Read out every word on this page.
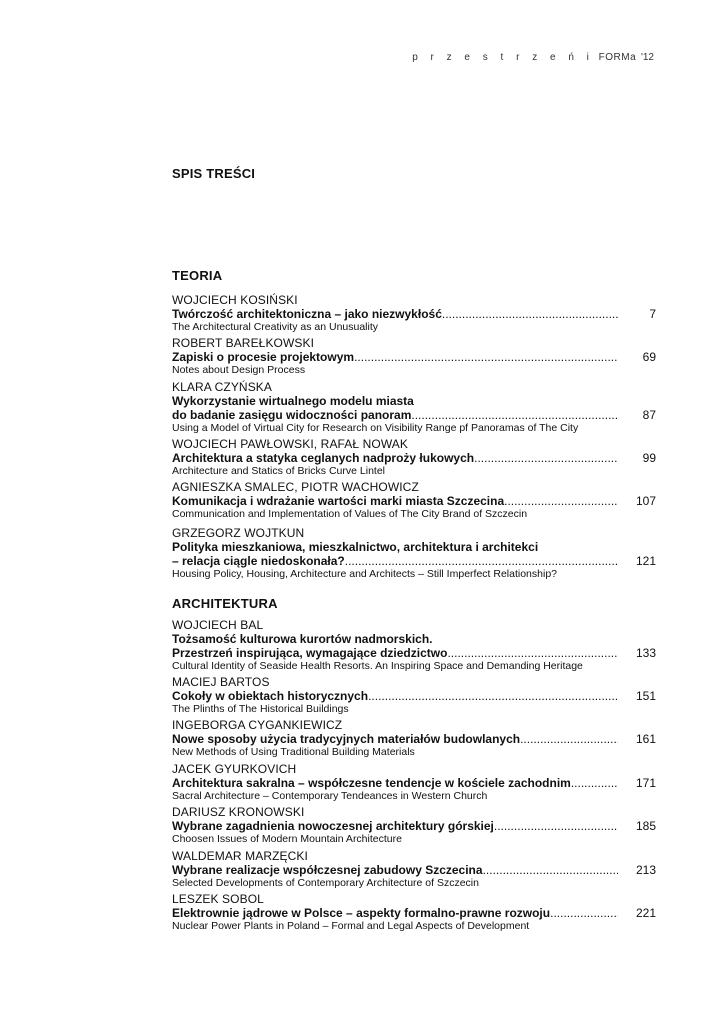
p r z e s t r z e ń i FORMa '12
SPIS TREŚCI
TEORIA
WOJCIECH KOSIŃSKI
Twórczość architektoniczna – jako niezwykłość .....	7
The Architectural Creativity as an Unusuality
ROBERT BAREŁKOWSKI
Zapiski o procesie projektowym .....	69
Notes about Design Process
KLARA CZYŃSKA
Wykorzystanie wirtualnego modelu miasta
do badanie zasięgu widoczności panoram .....	87
Using a Model of Virtual City for Research on Visibility Range pf Panoramas of The City
WOJCIECH PAWŁOWSKI, RAFAŁ NOWAK
Architektura a statyka ceglanych nadproży łukowych .....	99
Architecture and Statics of Bricks Curve Lintel
AGNIESZKA SMALEC, PIOTR WACHOWICZ
Komunikacja i wdrażanie wartości marki miasta Szczecina .....	107
Communication and Implementation of Values of The City Brand of Szczecin
GRZEGORZ WOJTKUN
Polityka mieszkaniowa, mieszkalnictwo, architektura i architekci
– relacja ciągle niedoskonała? .....	121
Housing Policy, Housing, Architecture and Architects – Still Imperfect Relationship?
ARCHITEKTURA
WOJCIECH BAL
Tożsamość kulturowa kurortów nadmorskich.
Przestrzeń inspirująca, wymagające dziedzictwo .....	133
Cultural Identity of Seaside Health Resorts. An Inspiring Space and Demanding Heritage
MACIEJ BARTOS
Cokoły w obiektach historycznych .....	151
The Plinths of The Historical Buildings
INGEBORGA CYGANKIEWICZ
Nowe sposoby użycia tradycyjnych materiałów budowlanych .....	161
New Methods of Using Traditional Building Materials
JACEK GYURKOVICH
Architektura sakralna – współczesne tendencje w kościele zachodnim .....	171
Sacral Architecture – Contemporary Tendeances in Western Church
DARIUSZ KRONOWSKI
Wybrane zagadnienia nowoczesnej architektury górskiej .....	185
Choosen Issues of Modern Mountain Architecture
WALDEMAR MARZĘCKI
Wybrane realizacje współczesnej zabudowy Szczecina .....	213
Selected Developments of Contemporary Architecture of Szczecin
LESZEK SOBOL
Elektrownie jądrowe w Polsce – aspekty formalno-prawne rozwoju .....	221
Nuclear Power Plants in Poland – Formal and Legal Aspects of Development
